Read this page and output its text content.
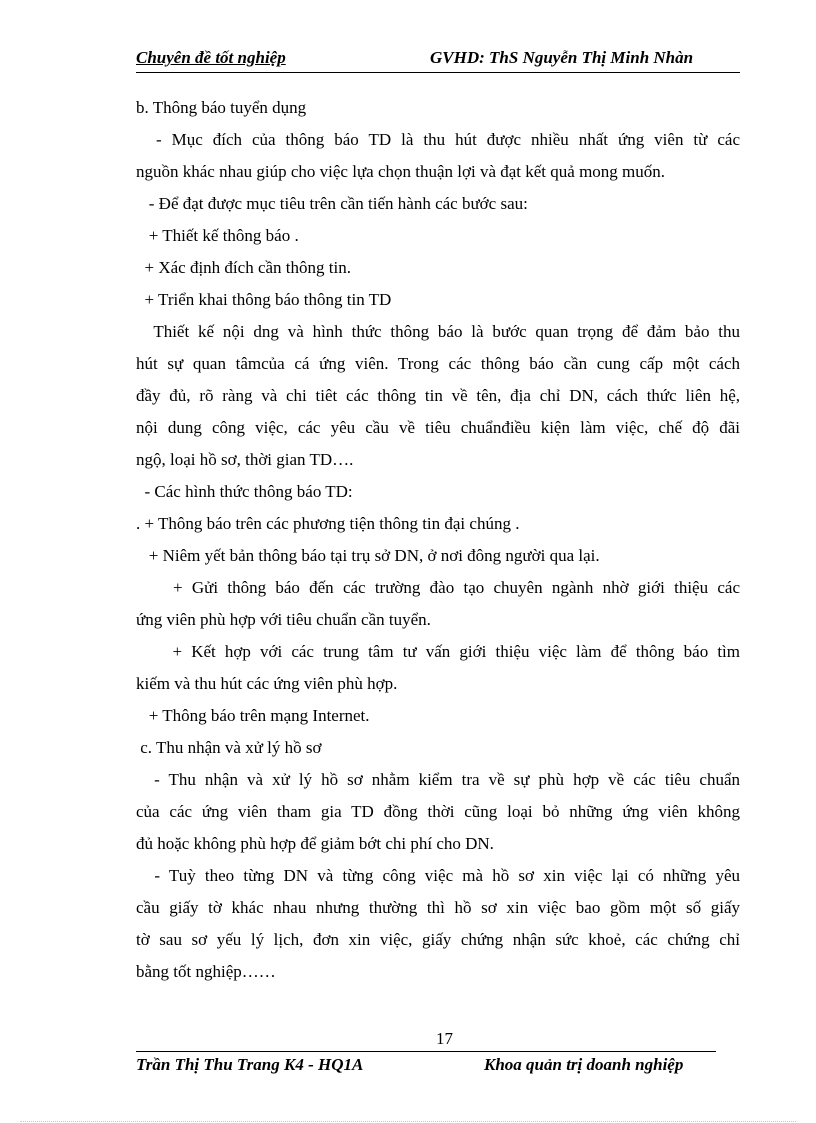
Chuyên đề tốt nghiệp	GVHD: ThS Nguyễn Thị Minh Nhàn
b. Thông báo tuyển dụng
- Mục đích của thông báo TD là thu hút được nhiều nhất ứng viên từ các
nguồn khác nhau giúp cho việc lựa chọn thuận lợi và đạt kết quả mong muốn.
- Để đạt được mục tiêu trên cần tiến hành các bước sau:
+ Thiết kế thông báo .
+ Xác định đích cần thông tin.
+ Triển khai thông báo thông tin TD
Thiết kế nội dng và hình thức thông báo là bước quan trọng để đảm bảo thu
hút sự quan tâmcủa cá ứng viên. Trong các thông báo cần cung cấp một cách
đầy đủ, rõ ràng và chi tiêt các thông tin về tên, địa chỉ DN, cách thức liên hệ,
nội dung công việc, các yêu cầu về tiêu chuẩnđiều kiện làm việc, chế độ đãi
ngộ, loại hồ sơ, thời gian TD….
- Các hình thức thông báo TD:
. + Thông báo trên các phương tiện thông tin đại chúng .
+ Niêm yết bản thông báo tại trụ sở DN, ở nơi đông người qua lại.
+ Gửi thông báo đến các trường đào tạo chuyên ngành nhờ giới thiệu các
ứng viên phù hợp với tiêu chuẩn cần tuyển.
+ Kết hợp với các trung tâm tư vấn giới thiệu việc làm để thông báo tìm
kiếm và thu hút các ứng viên phù hợp.
+ Thông báo trên mạng Internet.
c. Thu nhận và xử lý hồ sơ
- Thu nhận và xử lý hồ sơ nhằm kiểm tra về sự phù hợp về các tiêu chuẩn
của các ứng viên tham gia TD đồng thời cũng loại bỏ những ứng viên không
đủ hoặc không phù hợp để giảm bớt chi phí cho DN.
- Tuỳ theo từng DN và từng công việc mà hồ sơ xin việc lại có những yêu
cầu giấy tờ khác nhau nhưng thường thì hồ sơ xin việc bao gồm một số giấy
tờ sau sơ yếu lý lịch, đơn xin việc, giấy chứng nhận sức khoẻ, các chứng chỉ
bằng tốt nghiệp……
17
Trần Thị Thu Trang K4 - HQ1A	Khoa quản trị doanh nghiệp
